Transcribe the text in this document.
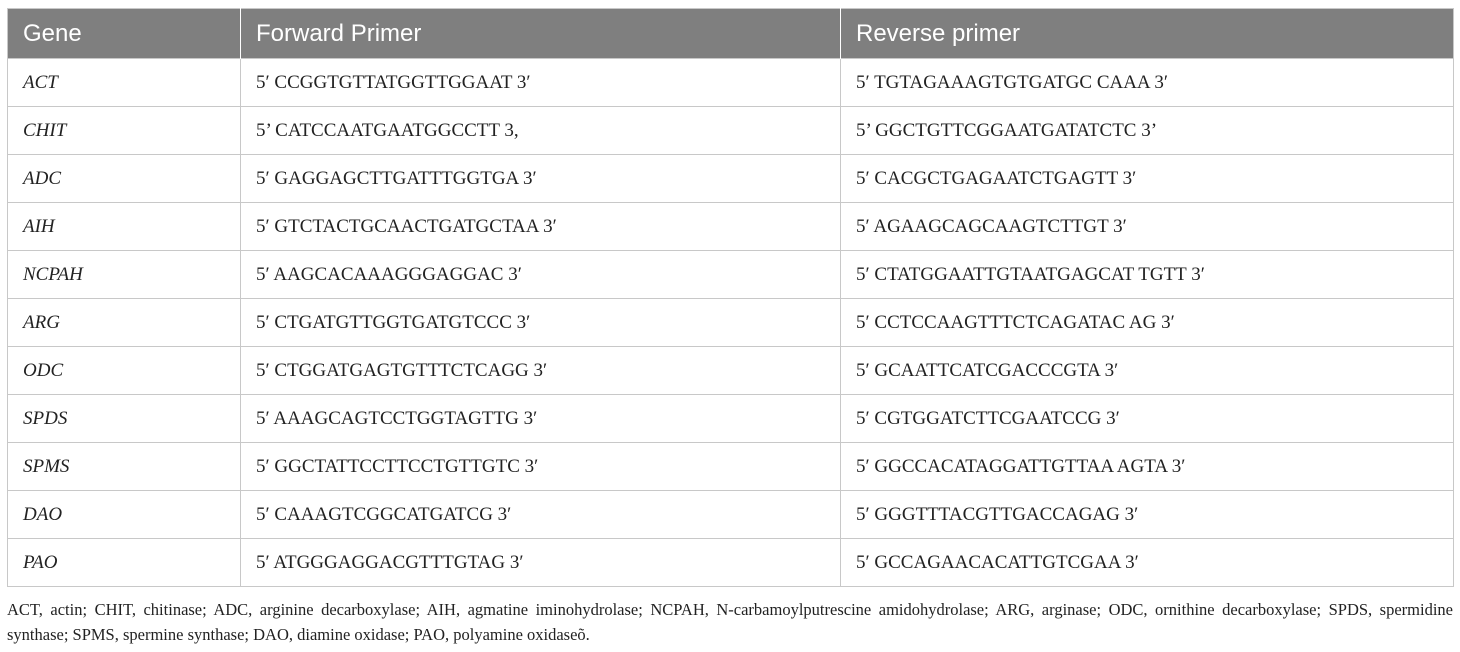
Gene	Forward Primer	Reverse primer
ACT	5′ CCGGTGTTATGGTTGGAAT 3′	5′ TGTAGAAAGTGTGATGC CAAA 3′
CHIT	5’ CATCCAATGAATGGCCTT 3,	5’ GGCTGTTCGGAATGATATCTC 3’
ADC	5′ GAGGAGCTTGATTTGGTGA 3′	5′ CACGCTGAGAATCTGAGTT 3′
AIH	5′ GTCTACTGCAACTGATGCTAA 3′	5′ AGAAGCAGCAAGTCTTGT 3′
NCPAH	5′ AAGCACAAAGGGAGGAC 3′	5′ CTATGGAATTGTAATGAGCAT TGTT 3′
ARG	5′ CTGATGTTGGTGATGTCCC 3′	5′ CCTCCAAGTTTCTCAGATAC AG 3′
ODC	5′ CTGGATGAGTGTTTCTCAGG 3′	5′ GCAATTCATCGACCCGTA 3′
SPDS	5′ AAAGCAGTCCTGGTAGTTG 3′	5′ CGTGGATCTTCGAATCCG 3′
SPMS	5′ GGCTATTCCTTCCTGTTGTC 3′	5′ GGCCACATAGGATTGTTAA AGTA 3′
DAO	5′ CAAAGTCGGCATGATCG 3′	5′ GGGTTTACGTTGACCAGAG 3′
PAO	5′ ATGGGAGGACGTTTGTAG 3′	5′ GCCAGAACACATTGTCGAA 3′

ACT, actin; CHIT, chitinase; ADC, arginine decarboxylase; AIH, agmatine iminohydrolase; NCPAH, N-carbamoylputrescine amidohydrolase; ARG, arginase; ODC, ornithine decarboxylase; SPDS, spermidine synthase; SPMS, spermine synthase; DAO, diamine oxidase; PAO, polyamine oxidaseõ.
